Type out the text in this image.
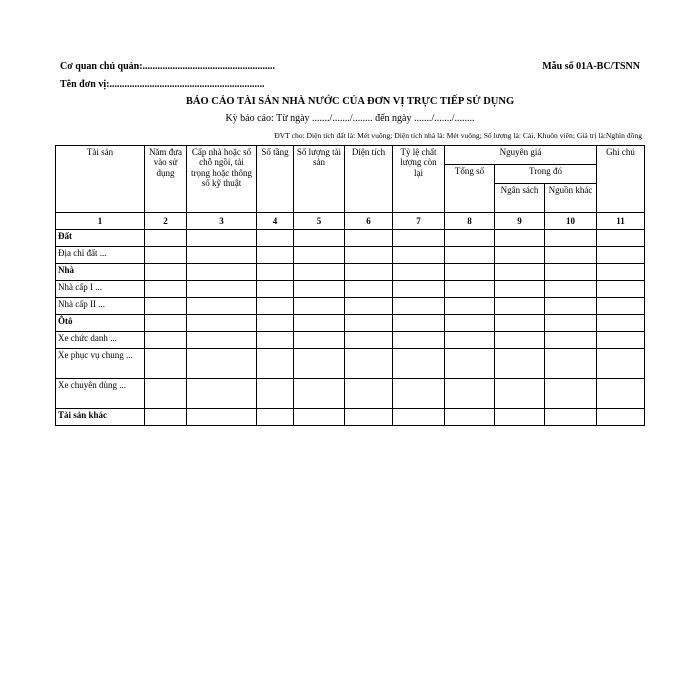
Cơ quan chủ quản:.....................................................
Tên đơn vị:..............................................................
Mẫu số 01A-BC/TSNN
BÁO CÁO TÀI SẢN NHÀ NƯỚC CỦA ĐƠN VỊ TRỰC TIẾP SỬ DỤNG
Kỳ báo cáo: Từ ngày ......./......./........ đến ngày ......./......./........
ĐVT cho: Diện tích đất là: Mét vuông; Diện tích nhà là: Mét vuông; Số lượng là: Cái, Khuôn viên; Giá trị là:Nghìn đồng
Tài sản	Năm đưa vào sử dụng	Cấp nhà hoặc số chỗ ngồi, tải trọng hoặc thông số kỹ thuật	Số tầng	Số lượng tài sản	Diện tích	Tỷ lệ chất lượng còn lại	Nguyên giá			Ghi chú
							Tổng số	Trong đó		
								Ngân sách	Nguồn khác	
1	2	3	4	5	6	7	8	9	10	11
Đất										
Địa chỉ đất ...										
Nhà										
Nhà cấp I ...										
Nhà cấp II ...										
Ôtô										
Xe chức danh ...										
Xe phục vụ chung ...										
Xe chuyên dùng ...										
Tài sản khác										
